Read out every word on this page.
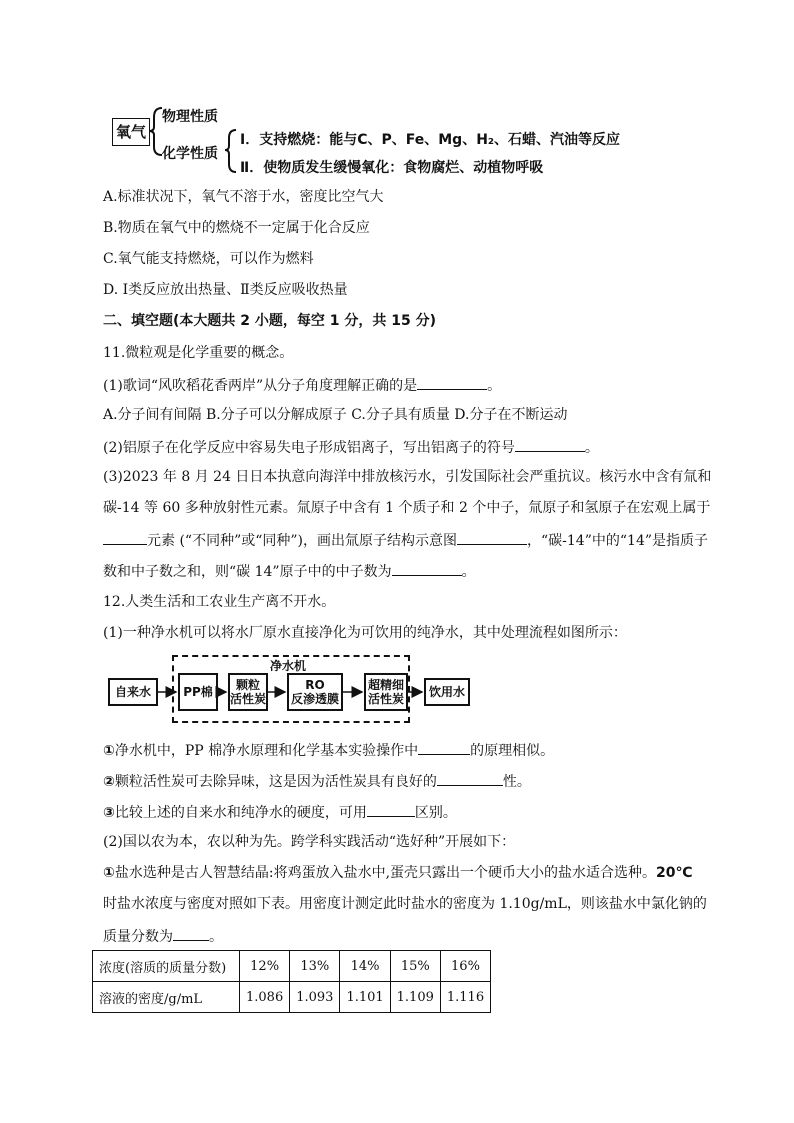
氧气
物理性质
化学性质
Ⅰ．支持燃烧：能与C、P、Fe、Mg、H₂、石蜡、汽油等反应
Ⅱ．使物质发生缓慢氧化：食物腐烂、动植物呼吸
A.标准状况下，氧气不溶于水，密度比空气大
B.物质在氧气中的燃烧不一定属于化合反应
C.氧气能支持燃烧，可以作为燃料
D. Ⅰ类反应放出热量、Ⅱ类反应吸收热量
二、填空题(本大题共 2 小题，每空 1 分，共 15 分)
11.微粒观是化学重要的概念。
(1)歌词“风吹稻花香两岸”从分子角度理解正确的是	。
A.分子间有间隔 B.分子可以分解成原子 C.分子具有质量 D.分子在不断运动
(2)铝原子在化学反应中容易失电子形成铝离子，写出铝离子的符号	。
(3)2023 年 8 月 24 日日本执意向海洋中排放核污水，引发国际社会严重抗议。核污水中含有氚和
碳-14 等 60 多种放射性元素。氚原子中含有 1 个质子和 2 个中子，氚原子和氢原子在宏观上属于
元素 (“不同种”或“同种”)，画出氚原子结构示意图	，“碳-14”中的“14”是指质子
数和中子数之和，则“碳 14”原子中的中子数为	。
12.人类生活和工农业生产离不开水。
(1)一种净水机可以将水厂原水直接净化为可饮用的纯净水，其中处理流程如图所示：
净水机
自来水	PP棉	颗粒
活性炭
RO
反渗透膜
超精细
活性炭	饮用水
①净水机中，PP 棉净水原理和化学基本实验操作中	的原理相似。
②颗粒活性炭可去除异味，这是因为活性炭具有良好的	性。
③比较上述的自来水和纯净水的硬度，可用	区别。
(2)国以农为本，农以种为先。跨学科实践活动“选好种”开展如下：
①盐水选种是古人智慧结晶:将鸡蛋放入盐水中,蛋壳只露出一个硬币大小的盐水适合选种。20℃
时盐水浓度与密度对照如下表。用密度计测定此时盐水的密度为 1.10g/mL，则该盐水中氯化钠的
质量分数为	。
浓度(溶质的质量分数)	12%	13%	14%	15%	16%
溶液的密度/g/mL	1.086	1.093	1.101	1.109	1.116
